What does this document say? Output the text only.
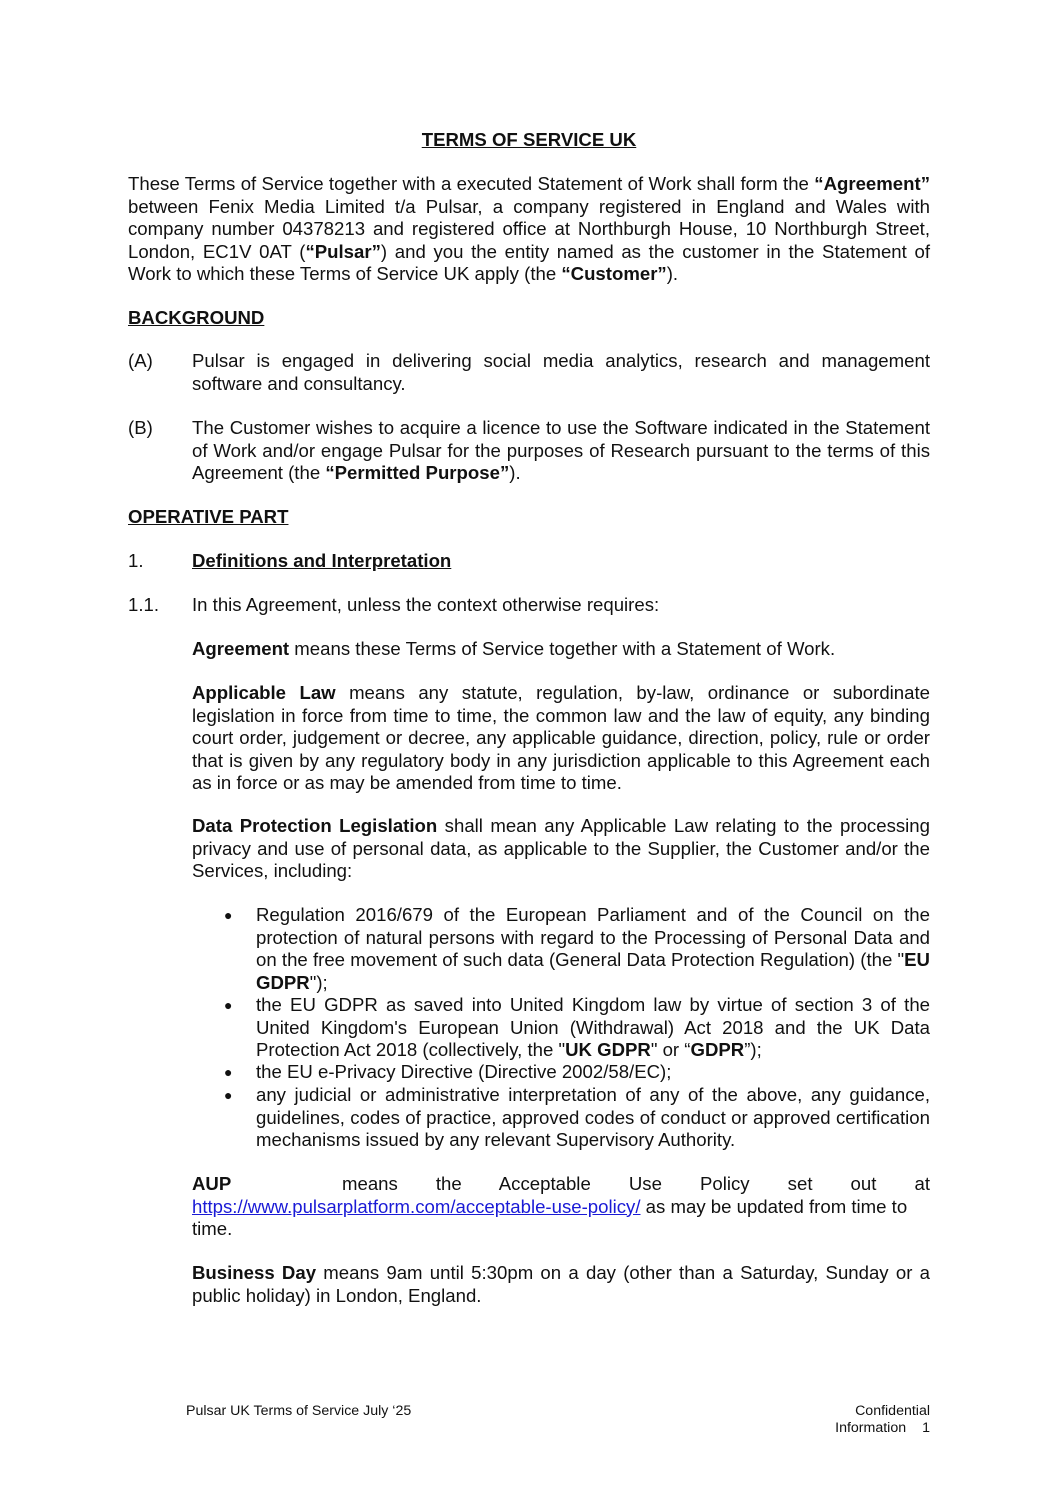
TERMS OF SERVICE UK
These Terms of Service together with a executed Statement of Work shall form the “Agreement” between Fenix Media Limited t/a Pulsar, a company registered in England and Wales with company number 04378213 and registered office at Northburgh House, 10 Northburgh Street, London, EC1V 0AT (“Pulsar”) and you the entity named as the customer in the Statement of Work to which these Terms of Service UK apply (the “Customer”).
BACKGROUND
(A) Pulsar is engaged in delivering social media analytics, research and management software and consultancy.
(B) The Customer wishes to acquire a licence to use the Software indicated in the Statement of Work and/or engage Pulsar for the purposes of Research pursuant to the terms of this Agreement (the “Permitted Purpose”).
OPERATIVE PART
1.	Definitions and Interpretation
1.1. In this Agreement, unless the context otherwise requires:
Agreement means these Terms of Service together with a Statement of Work.
Applicable Law means any statute, regulation, by-law, ordinance or subordinate legislation in force from time to time, the common law and the law of equity, any binding court order, judgement or decree, any applicable guidance, direction, policy, rule or order that is given by any regulatory body in any jurisdiction applicable to this Agreement each as in force or as may be amended from time to time.
Data Protection Legislation shall mean any Applicable Law relating to the processing privacy and use of personal data, as applicable to the Supplier, the Customer and/or the Services, including:
● Regulation 2016/679 of the European Parliament and of the Council on the protection of natural persons with regard to the Processing of Personal Data and on the free movement of such data (General Data Protection Regulation) (the "EU GDPR");
● the EU GDPR as saved into United Kingdom law by virtue of section 3 of the United Kingdom's European Union (Withdrawal) Act 2018 and the UK Data Protection Act 2018 (collectively, the "UK GDPR" or “GDPR”);
● the EU e-Privacy Directive (Directive 2002/58/EC);
● any judicial or administrative interpretation of any of the above, any guidance, guidelines, codes of practice, approved codes of conduct or approved certification mechanisms issued by any relevant Supervisory Authority.
AUP	means the Acceptable Use Policy set out at
https://www.pulsarplatform.com/acceptable-use-policy/ as may be updated from time to time.
Business Day means 9am until 5:30pm on a day (other than a Saturday, Sunday or a public holiday) in London, England.
Pulsar UK Terms of Service July ‘25	Confidential
Information 1
